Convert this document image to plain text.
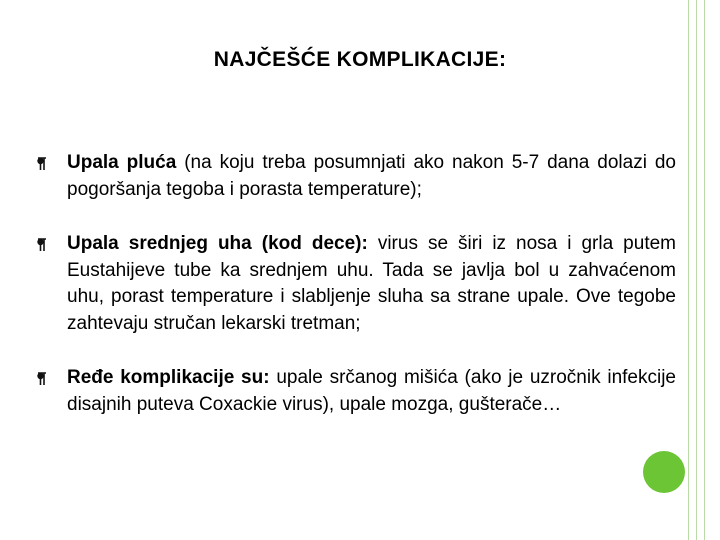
NAJČEŠĆE KOMPLIKACIJE:
Upala pluća (na koju treba posumnjati ako nakon 5-7 dana dolazi do pogoršanja tegoba i porasta temperature);
Upala srednjeg uha (kod dece): virus se širi iz nosa i grla putem Eustahijeve tube ka srednjem uhu. Tada se javlja bol u zahvaćenom uhu, porast temperature i slabljenje sluha sa strane upale. Ove tegobe zahtevaju stručan lekarski tretman;
Ređe komplikacije su: upale srčanog mišića (ako je uzročnik infekcije disajnih puteva Coxackie virus), upale mozga, gušterače…
